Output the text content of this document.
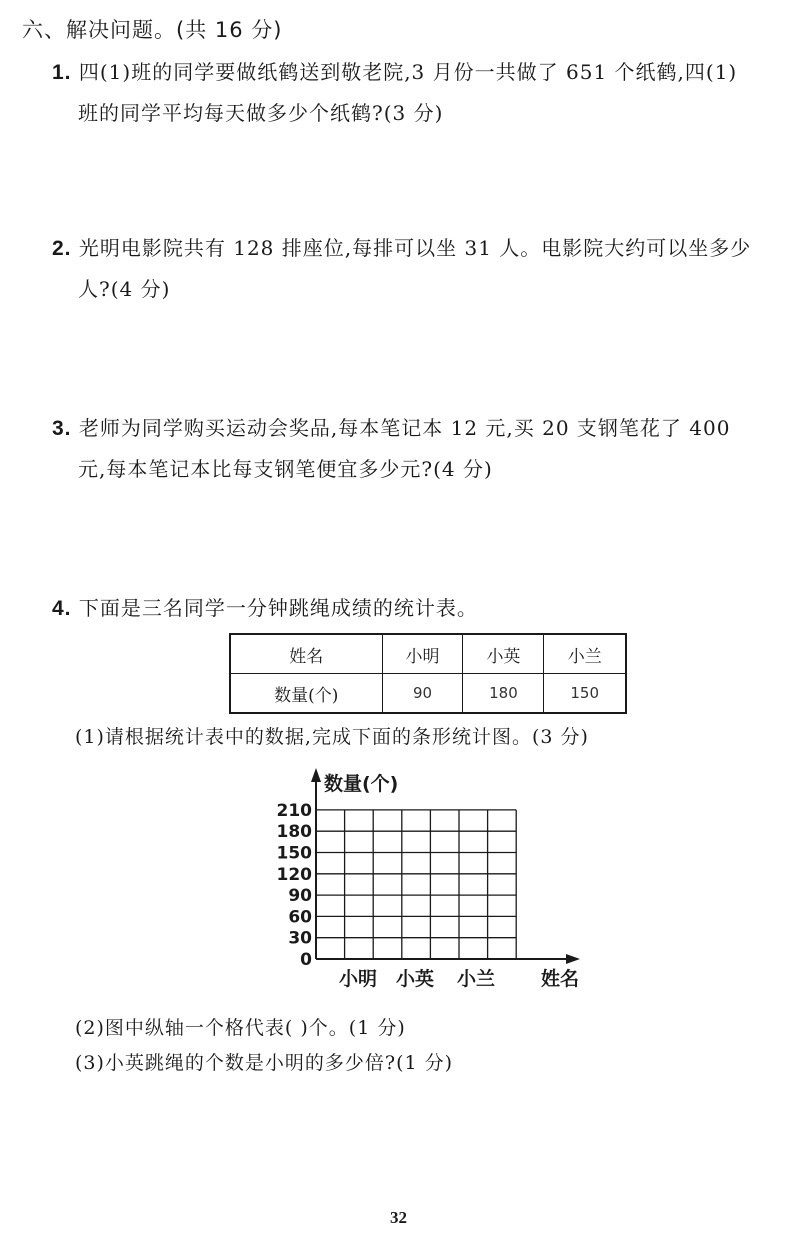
六、解决问题。(共 16 分)
1. 四(1)班的同学要做纸鹤送到敬老院,3 月份一共做了 651 个纸鹤,四(1)
班的同学平均每天做多少个纸鹤?(3 分)
2. 光明电影院共有 128 排座位,每排可以坐 31 人。电影院大约可以坐多少
人?(4 分)
3. 老师为同学购买运动会奖品,每本笔记本 12 元,买 20 支钢笔花了 400
元,每本笔记本比每支钢笔便宜多少元?(4 分)
4. 下面是三名同学一分钟跳绳成绩的统计表。
姓名	小明	小英	小兰
数量(个)	90	180	150
(1)请根据统计表中的数据,完成下面的条形统计图。(3 分)
0
30
60
90
120
150
180
210
数量(个)
小明 小英 小兰 姓名
(2)图中纵轴一个格代表( )个。(1 分)
(3)小英跳绳的个数是小明的多少倍?(1 分)
32
